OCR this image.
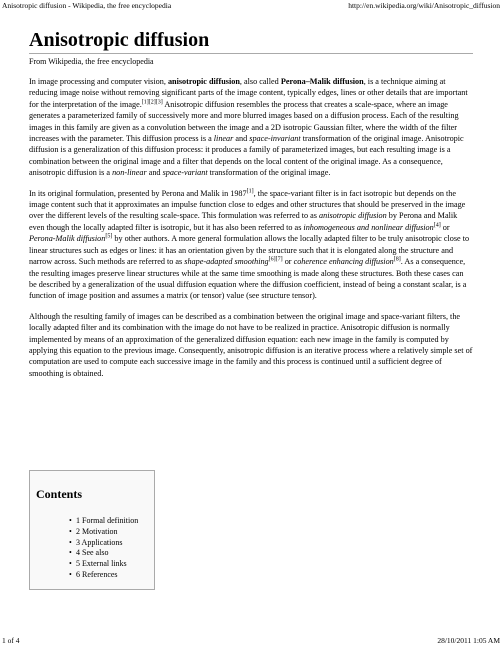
Anisotropic diffusion - Wikipedia, the free encyclopedia	http://en.wikipedia.org/wiki/Anisotropic_diffusion
Anisotropic diffusion
From Wikipedia, the free encyclopedia

In image processing and computer vision, anisotropic diffusion, also called Perona–Malik diffusion, is a technique aiming at reducing image noise without removing significant parts of the image content, typically edges, lines or other details that are important for the interpretation of the image.[1][2][3] Anisotropic diffusion resembles the process that creates a scale-space, where an image generates a parameterized family of successively more and more blurred images based on a diffusion process. Each of the resulting images in this family are given as a convolution between the image and a 2D isotropic Gaussian filter, where the width of the filter increases with the parameter. This diffusion process is a linear and space-invariant transformation of the original image. Anisotropic diffusion is a generalization of this diffusion process: it produces a family of parameterized images, but each resulting image is a combination between the original image and a filter that depends on the local content of the original image. As a consequence, anisotropic diffusion is a non-linear and space-variant transformation of the original image.

In its original formulation, presented by Perona and Malik in 1987[1], the space-variant filter is in fact isotropic but depends on the image content such that it approximates an impulse function close to edges and other structures that should be preserved in the image over the different levels of the resulting scale-space. This formulation was referred to as anisotropic diffusion by Perona and Malik even though the locally adapted filter is isotropic, but it has also been referred to as inhomogeneous and nonlinear diffusion[4] or Perona-Malik diffusion[5] by other authors. A more general formulation allows the locally adapted filter to be truly anisotropic close to linear structures such as edges or lines: it has an orientation given by the structure such that it is elongated along the structure and narrow across. Such methods are referred to as shape-adapted smoothing[6][7] or coherence enhancing diffusion[8]. As a consequence, the resulting images preserve linear structures while at the same time smoothing is made along these structures. Both these cases can be described by a generalization of the usual diffusion equation where the diffusion coefficient, instead of being a constant scalar, is a function of image position and assumes a matrix (or tensor) value (see structure tensor).

Although the resulting family of images can be described as a combination between the original image and space-variant filters, the locally adapted filter and its combination with the image do not have to be realized in practice. Anisotropic diffusion is normally implemented by means of an approximation of the generalized diffusion equation: each new image in the family is computed by applying this equation to the previous image. Consequently, anisotropic diffusion is an iterative process where a relatively simple set of computation are used to compute each successive image in the family and this process is continued until a sufficient degree of smoothing is obtained.

Contents
• 1 Formal definition
• 2 Motivation
• 3 Applications
• 4 See also
• 5 External links
• 6 References
1 of 4	28/10/2011 1:05 AM
